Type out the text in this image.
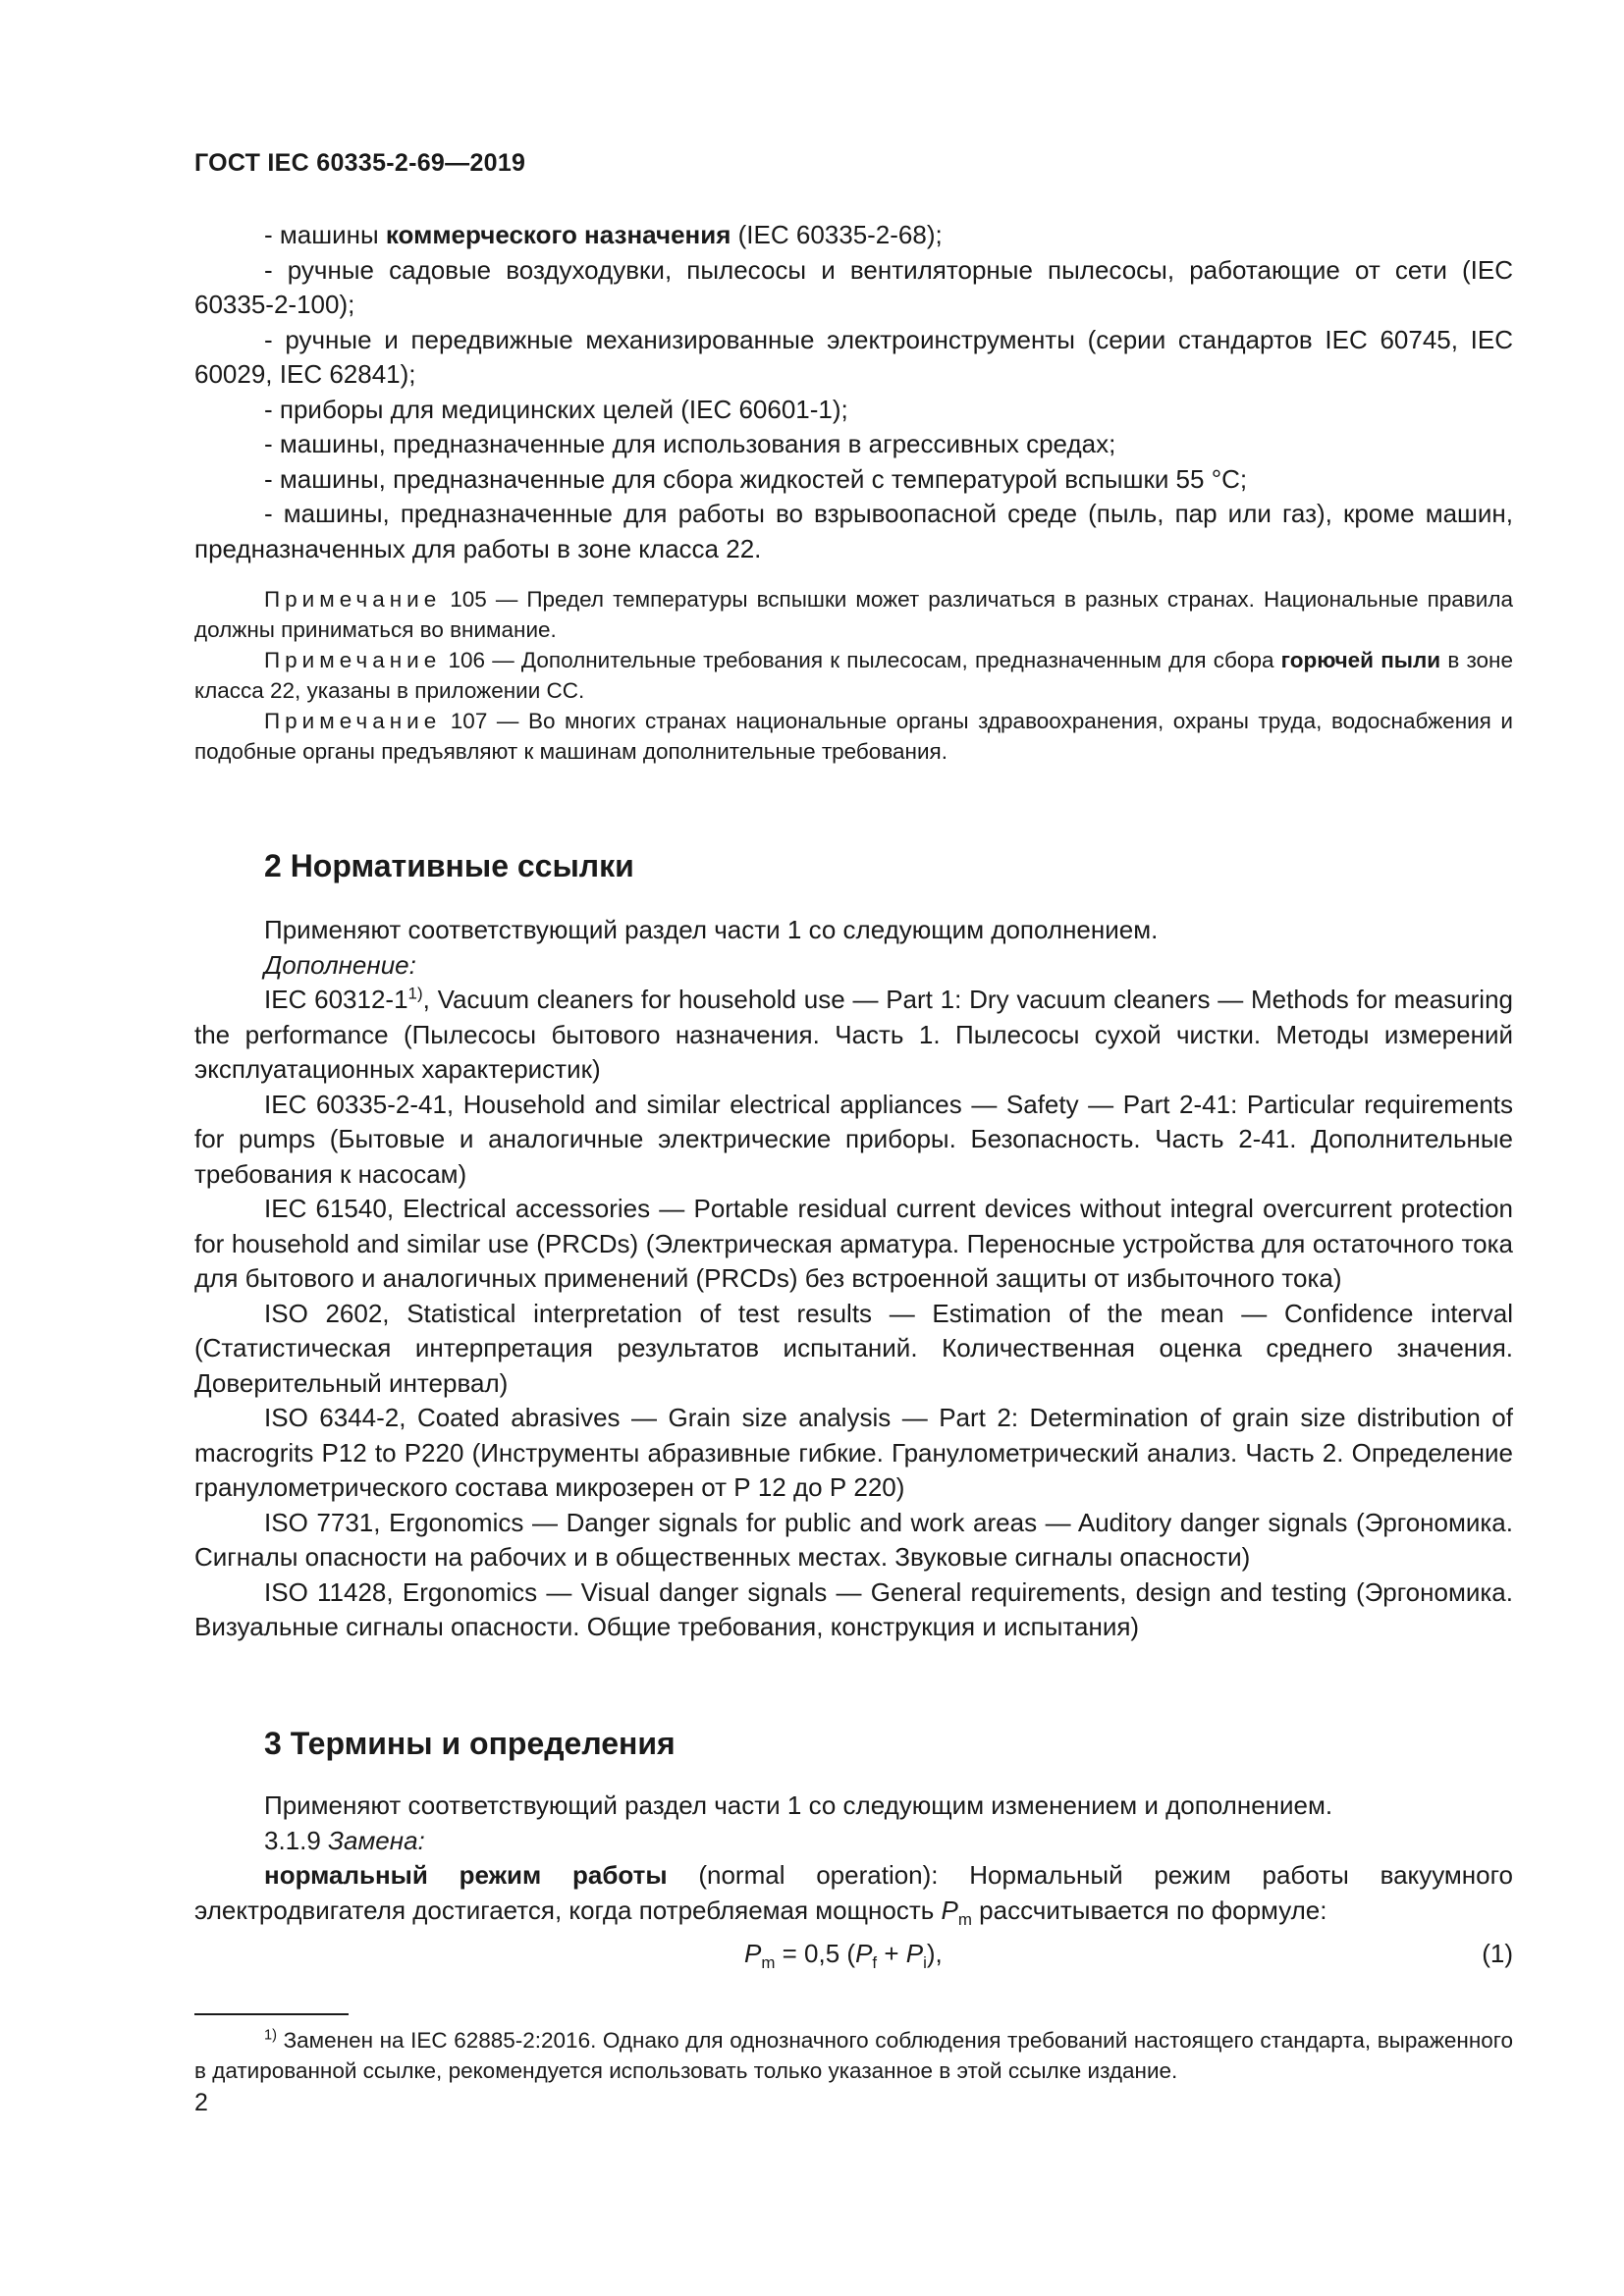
ГОСТ IEC 60335-2-69—2019

- машины коммерческого назначения (IEC 60335-2-68);

- ручные садовые воздуходувки, пылесосы и вентиляторные пылесосы, работающие от сети (IEC 60335-2-100);

- ручные и передвижные механизированные электроинструменты (серии стандартов IEC 60745, IEC 60029, IEC 62841);

- приборы для медицинских целей (IEC 60601-1);

- машины, предназначенные для использования в агрессивных средах;

- машины, предназначенные для сбора жидкостей с температурой вспышки 55 °С;

- машины, предназначенные для работы во взрывоопасной среде (пыль, пар или газ), кроме машин, предназначенных для работы в зоне класса 22.

Примечание 105 — Предел температуры вспышки может различаться в разных странах. Национальные правила должны приниматься во внимание.

Примечание 106 — Дополнительные требования к пылесосам, предназначенным для сбора горючей пыли в зоне класса 22, указаны в приложении СС.

Примечание 107 — Во многих странах национальные органы здравоохранения, охраны труда, водоснабжения и подобные органы предъявляют к машинам дополнительные требования.

2 Нормативные ссылки

Применяют соответствующий раздел части 1 со следующим дополнением.

Дополнение:

IEC 60312-1$^{1)}$, Vacuum cleaners for household use — Part 1: Dry vacuum cleaners — Methods for measuring the performance (Пылесосы бытового назначения. Часть 1. Пылесосы сухой чистки. Методы измерений эксплуатационных характеристик)

IEC 60335-2-41, Household and similar electrical appliances — Safety — Part 2-41: Particular requirements for pumps (Бытовые и аналогичные электрические приборы. Безопасность. Часть 2-41. Дополнительные требования к насосам)

IEC 61540, Electrical accessories — Portable residual current devices without integral overcurrent protection for household and similar use (PRCDs) (Электрическая арматура. Переносные устройства для остаточного тока для бытового и аналогичных применений (PRCDs) без встроенной защиты от избыточного тока)

ISO 2602, Statistical interpretation of test results — Estimation of the mean — Confidence interval (Статистическая интерпретация результатов испытаний. Количественная оценка среднего значения. Доверительный интервал)

ISO 6344-2, Coated abrasives — Grain size analysis — Part 2: Determination of grain size distribution of macrogrits P12 to P220 (Инструменты абразивные гибкие. Гранулометрический анализ. Часть 2. Определение гранулометрического состава микрозерен от Р 12 до Р 220)

ISO 7731, Ergonomics — Danger signals for public and work areas — Auditory danger signals (Эргономика. Сигналы опасности на рабочих и в общественных местах. Звуковые сигналы опасности)

ISO 11428, Ergonomics — Visual danger signals — General requirements, design and testing (Эргономика. Визуальные сигналы опасности. Общие требования, конструкция и испытания)

3 Термины и определения

Применяют соответствующий раздел части 1 со следующим изменением и дополнением.

3.1.9 Замена:

нормальный режим работы (normal operation): Нормальный режим работы вакуумного электродвигателя достигается, когда потребляемая мощность $P_m$ рассчитывается по формуле:

$P_m = 0,5$ $(P_f + P_i)$,	(1)

$^{1)}$ Заменен на IEC 62885-2:2016. Однако для однозначного соблюдения требований настоящего стандарта, выраженного в датированной ссылке, рекомендуется использовать только указанное в этой ссылке издание.

2
